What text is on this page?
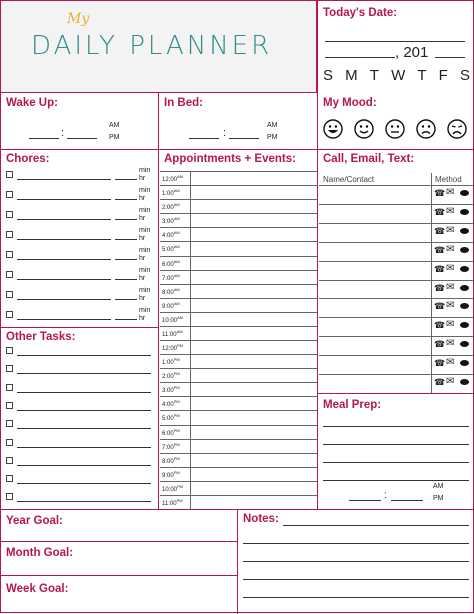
My
DAILY PLANNER
Today's Date:
, 201
S M T W T F S
Wake Up:
:
AM
PM
In Bed:
:
AM
PM
My Mood:
Chores:
min
hr
min
hr
min
hr
min
hr
min
hr
min
hr
min
hr
min
hr
Other Tasks:
Appointments + Events:
$12:00^{AM}$
$1:00^{AM}$
$2:00^{AM}$
$3:00^{AM}$
$4:00^{AM}$
$5:00^{AM}$
$6:00^{AM}$
$7:00^{AM}$
$8:00^{AM}$
$9:00^{AM}$
$10:00^{AM}$
$11:00^{AM}$
$12:00^{PM}$
$1:00^{PM}$
$2:00^{PM}$
$3:00^{PM}$
$4:00^{PM}$
$5:00^{PM}$
$6:00^{PM}$
$7:00^{PM}$
$8:00^{PM}$
$9:00^{PM}$
$10:00^{PM}$
$11:00^{PM}$
Call, Email, Text:
Name/Contact	Method
☎ ✉
☎ ✉
☎ ✉
☎ ✉
☎ ✉
☎ ✉
☎ ✉
☎ ✉
☎ ✉
☎ ✉
☎ ✉
Meal Prep:
:
AM
PM
Year Goal:
Month Goal:
Week Goal:
Notes:
